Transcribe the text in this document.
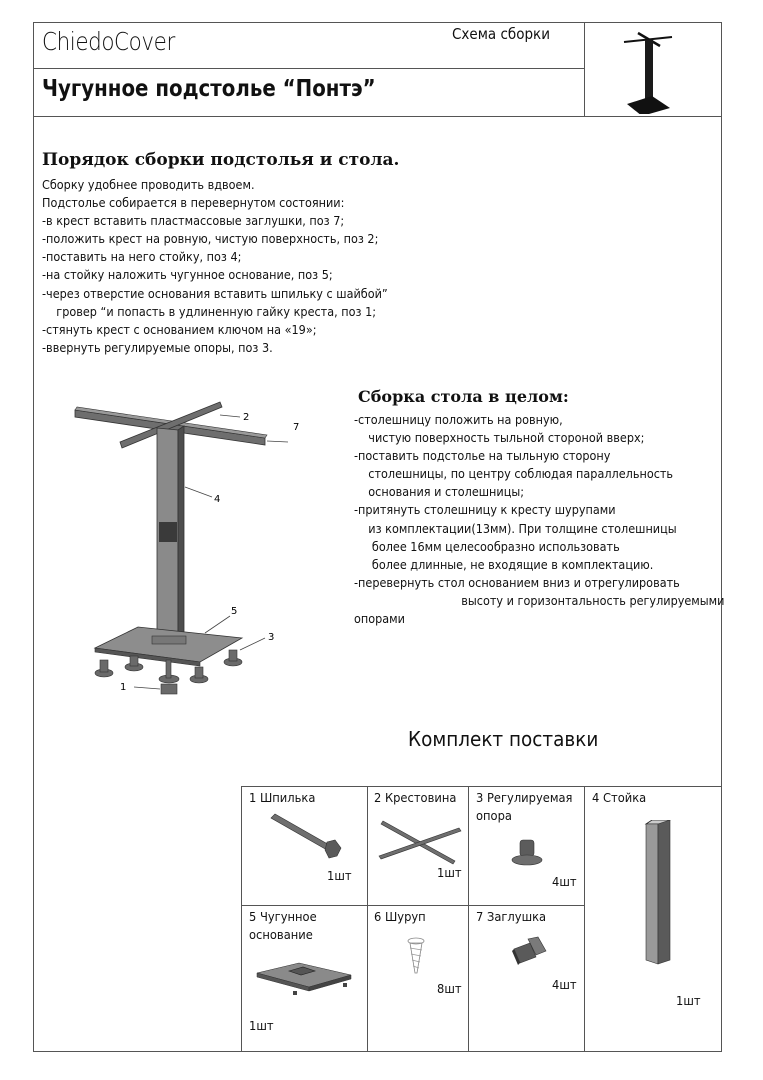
ChiedoCover	Схема сборки
Чугунное подстолье “Понтэ”
Порядок сборки подстолья и стола.
Сборку удобнее проводить вдвоем.
Подстолье собирается в перевернутом состоянии:
-в крест вставить пластмассовые заглушки, поз 7;
-положить крест на ровную, чистую поверхность, поз 2;
-поставить на него стойку, поз 4;
-на стойку наложить чугунное основание, поз 5;
-через отверстие основания вставить шпильку с шайбой”
гровер “и попасть в удлиненную гайку креста, поз 1;
-стянуть крест с основанием ключом на «19»;
-ввернуть регулируемые опоры, поз 3.
2
7
4
5
3
1
Сборка стола в целом:
-столешницу положить на ровную,
чистую поверхность тыльной стороной вверх;
-поставить подстолье на тыльную сторону
столешницы, по центру соблюдая параллельность
основания и столешницы;
-притянуть столешницу к кресту шурупами
из комплектации(13мм). При толщине столешницы
более 16мм целесообразно использовать
более длинные, не входящие в комплектацию.
-перевернуть стол основанием вниз и отрегулировать
высоту и горизонтальность регулируемыми
опорами
Комплект поставки
1 Шпилька
1шт
2 Крестовина
1шт
3 Регулируемая опора
4шт
4 Стойка
1шт
5 Чугунное основание
1шт
6 Шуруп
8шт
7 Заглушка
4шт
